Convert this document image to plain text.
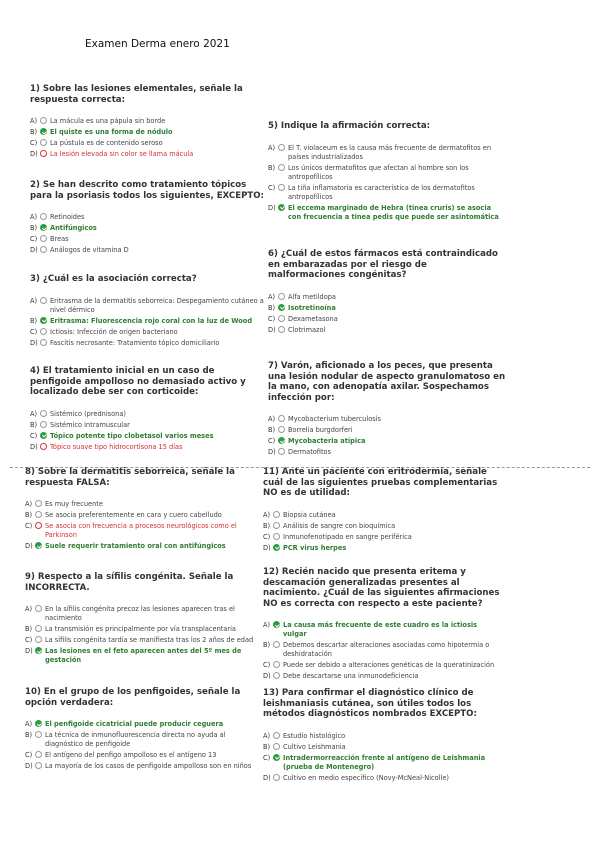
Examen Derma enero 2021
1) Sobre las lesiones elementales, señale la respuesta correcta:
A)	La mácula es una pápula sin borde
B)	El quiste es una forma de nódulo
C)	La pústula es de contenido seroso
D)	La lesión elevada sin color se llama mácula
2) Se han descrito como tratamiento tópicos para la psoriasis todos los siguientes, EXCEPTO:
A)	Retinoides
B)	Antifúngicos
C)	Breas
D)	Análogos de vitamina D
3) ¿Cuál es la asociación correcta?
A)	Eritrasma de la dermatitis seborreica: Despegamiento cutáneo a nivel dérmico
B)	Eritrasma: Fluorescencia rojo coral con la luz de Wood
C)	Ictiosis: Infección de origen bacteriano
D)	Fascitis necrosante: Tratamiento tópico domiciliario
4) El tratamiento inicial en un caso de penfigoide ampolloso no demasiado activo y localizado debe ser con corticoide:
A)	Sistémico (prednisona)
B)	Sistémico intramuscular
C)	Tópico potente tipo clobetasol varios meses
D)	Tópico suave tipo hidrocortisona 15 días
5) Indique la afirmación correcta:
A)	El T. violaceum es la causa más frecuente de dermatofitos en países industrializados
B)	Los únicos dermatofitos que afectan al hombre son los antropofílicos
C)	La tiña inflamatoria es característica de los dermatofitos antropofílicos
D)	El eccema marginado de Hebra (tinea cruris) se asocia con frecuencia a tinea pedis que puede ser asintomática
6) ¿Cuál de estos fármacos está contraindicado en embarazadas por el riesgo de malformaciones congénitas?
A)	Alfa metildopa
B)	Isotretinoína
C)	Dexametasona
D)	Clotrimazol
7) Varón, aficionado a los peces, que presenta una lesión nodular de aspecto granulomatoso en la mano, con adenopatía axilar. Sospechamos infección por:
A)	Mycobacterium tuberculosis
B)	Borrelia burgdorferi
C)	Mycobacteria atípica
D)	Dermatofitos
8) Sobre la dermatitis seborreica, señale la respuesta FALSA:
A)	Es muy frecuente
B)	Se asocia preferentemente en cara y cuero cabelludo
C)	Se asocia con frecuencia a procesos neurológicos como el Parkinson
D)	Suele requerir tratamiento oral con antifúngicos
9) Respecto a la sífilis congénita. Señale la INCORRECTA.
A)	En la sífilis congénita precoz las lesiones aparecen tras el nacimiento
B)	La transmisión es principalmente por vía transplacentaria
C)	La sífilis congénita tardía se manifiesta tras los 2 años de edad
D)	Las lesiones en el feto aparecen antes del 5º mes de gestación
10) En el grupo de los penfigoides, señale la opción verdadera:
A)	El penfigoide cicatricial puede producir ceguera
B)	La técnica de inmunofluorescencia directa no ayuda al diagnóstico de penfigoide
C)	El antígeno del penfigo ampolloso es el antígeno 13
D)	La mayoría de los casos de penfigoide ampolloso son en niños
11) Ante un paciente con eritrodermia, señale cuál de las siguientes pruebas complementarias NO es de utilidad:
A)	Biopsia cutánea
B)	Análisis de sangre con bioquímica
C)	Inmunofenotipado en sangre periférica
D)	PCR virus herpes
12) Recién nacido que presenta eritema y descamación generalizadas presentes al nacimiento. ¿Cuál de las siguientes afirmaciones NO es correcta con respecto a este paciente?
A)	La causa más frecuente de este cuadro es la ictiosis vulgar
B)	Debemos descartar alteraciones asociadas como hipotermia o deshidratación
C)	Puede ser debido a alteraciones genéticas de la queratinización
D)	Debe descartarse una inmunodeficiencia
13) Para confirmar el diagnóstico clínico de leishmaniasis cutánea, son útiles todos los métodos diagnósticos nombrados EXCEPTO:
A)	Estudio histológico
B)	Cultivo Leishmania
C)	Intradermorreacción frente al antígeno de Leishmania (prueba de Montenegro)
D)	Cultivo en medio específico (Novy-McNeal-Nicolle)
